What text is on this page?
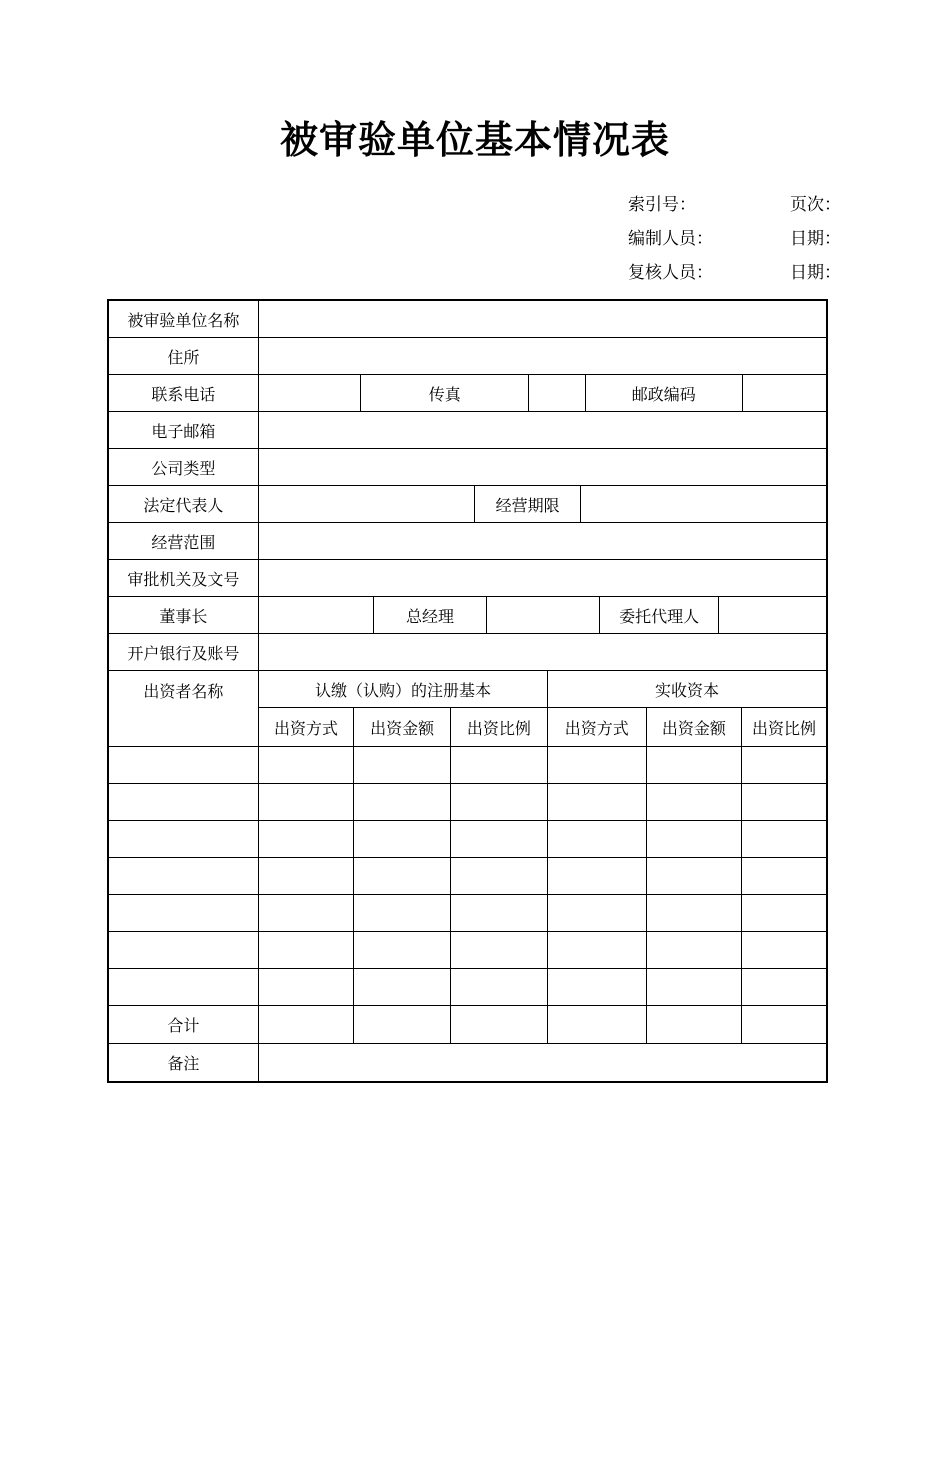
被审验单位基本情况表
索引号：	页次：
编制人员：	日期：
复核人员：	日期：
被审验单位名称
住所
联系电话	传真	邮政编码
电子邮箱
公司类型
法定代表人	经营期限
经营范围
审批机关及文号
董事长	总经理	委托代理人
开户银行及账号
出资者名称	认缴（认购）的注册基本	实收资本
出资方式	出资金额	出资比例	出资方式	出资金额	出资比例
合计
备注
